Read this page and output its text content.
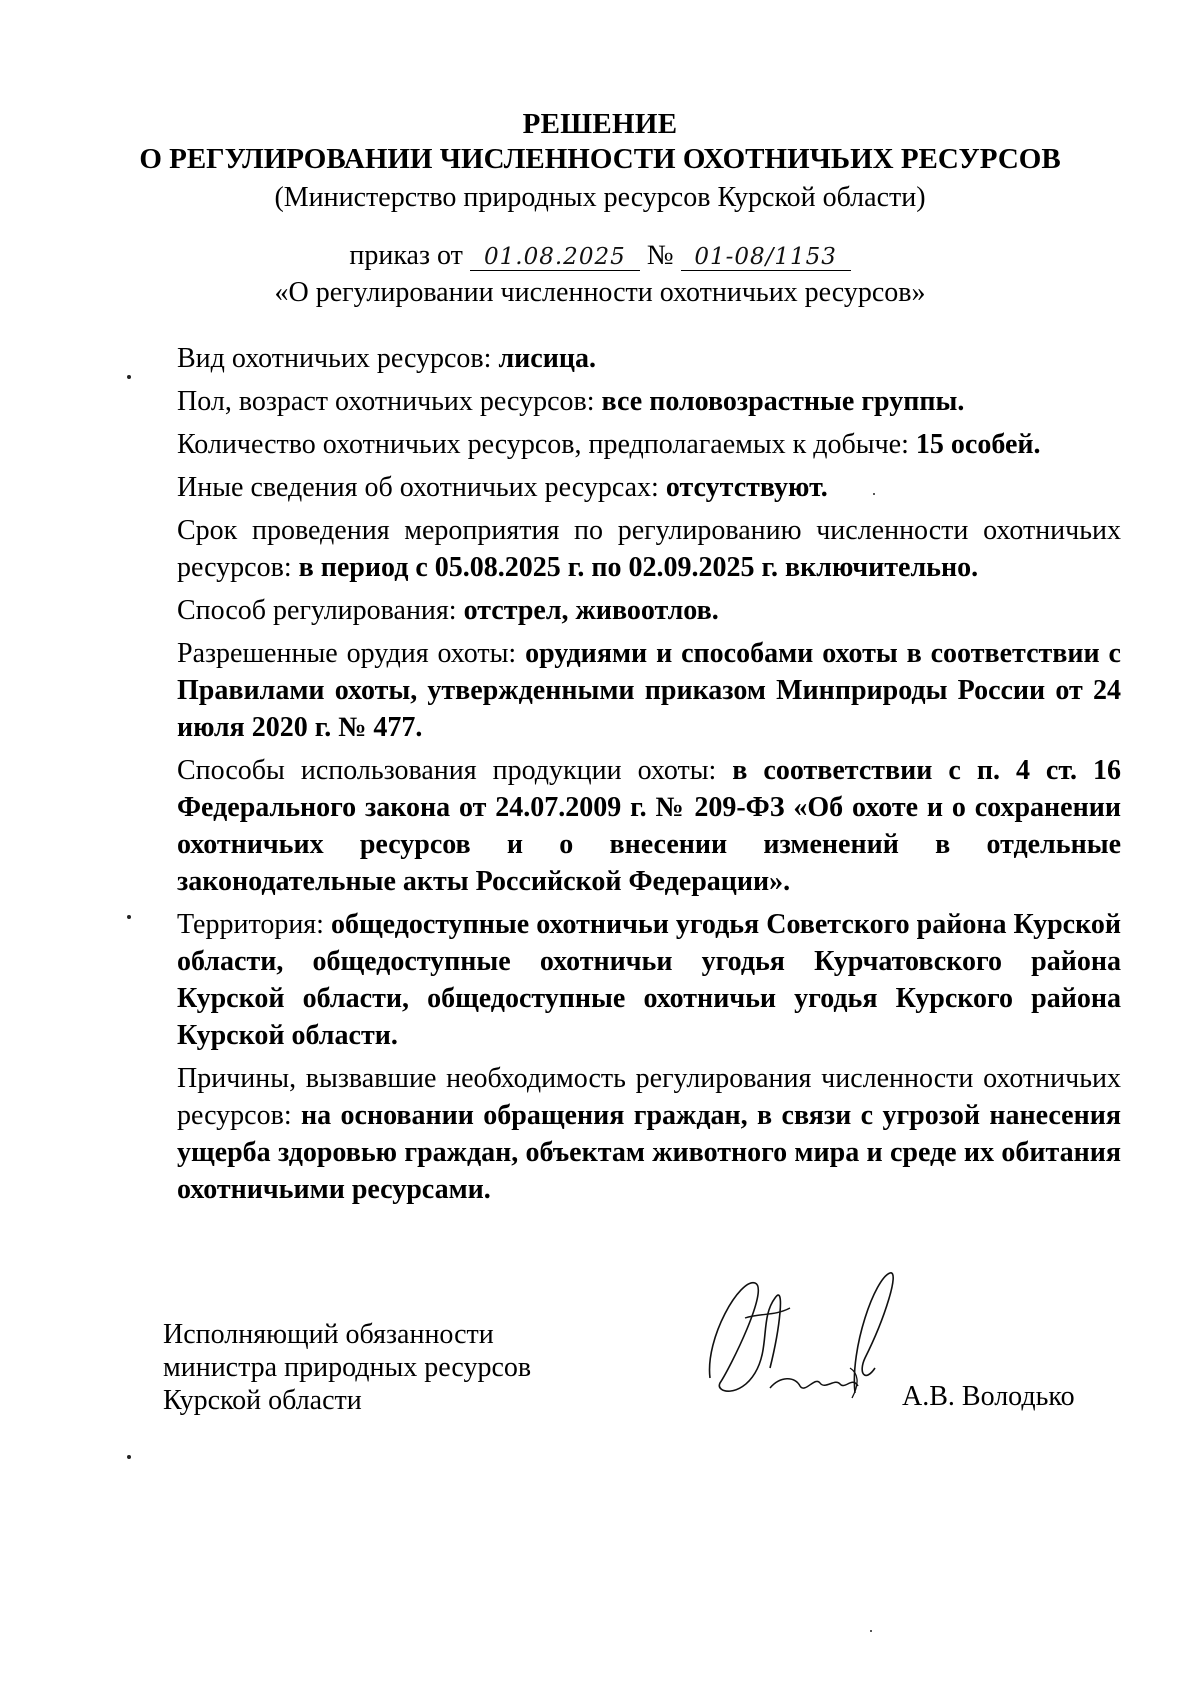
РЕШЕНИЕ
О РЕГУЛИРОВАНИИ ЧИСЛЕННОСТИ ОХОТНИЧЬИХ РЕСУРСОВ
(Министерство природных ресурсов Курской области)
приказ от 01.08.2025 № 01-08/1153
«О регулировании численности охотничьих ресурсов»

Вид охотничьих ресурсов: лисица.

Пол, возраст охотничьих ресурсов: все половозрастные группы.

Количество охотничьих ресурсов, предполагаемых к добыче: 15 особей.

Иные сведения об охотничьих ресурсах: отсутствуют.

Срок проведения мероприятия по регулированию численности охотничьих ресурсов: в период с 05.08.2025 г. по 02.09.2025 г. включительно.

Способ регулирования: отстрел, живоотлов.

Разрешенные орудия охоты: орудиями и способами охоты в соответствии с Правилами охоты, утвержденными приказом Минприроды России от 24 июля 2020 г. № 477.

Способы использования продукции охоты: в соответствии с п. 4 ст. 16 Федерального закона от 24.07.2009 г. № 209-ФЗ «Об охоте и о сохранении охотничьих ресурсов и о внесении изменений в отдельные законодательные акты Российской Федерации».

Территория: общедоступные охотничьи угодья Советского района Курской области, общедоступные охотничьи угодья Курчатовского района Курской области, общедоступные охотничьи угодья Курского района Курской области.

Причины, вызвавшие необходимость регулирования численности охотничьих ресурсов: на основании обращения граждан, в связи с угрозой нанесения ущерба здоровью граждан, объектам животного мира и среде их обитания охотничьими ресурсами.

Исполняющий обязанности
министра природных ресурсов
Курской области	А.В. Володько
